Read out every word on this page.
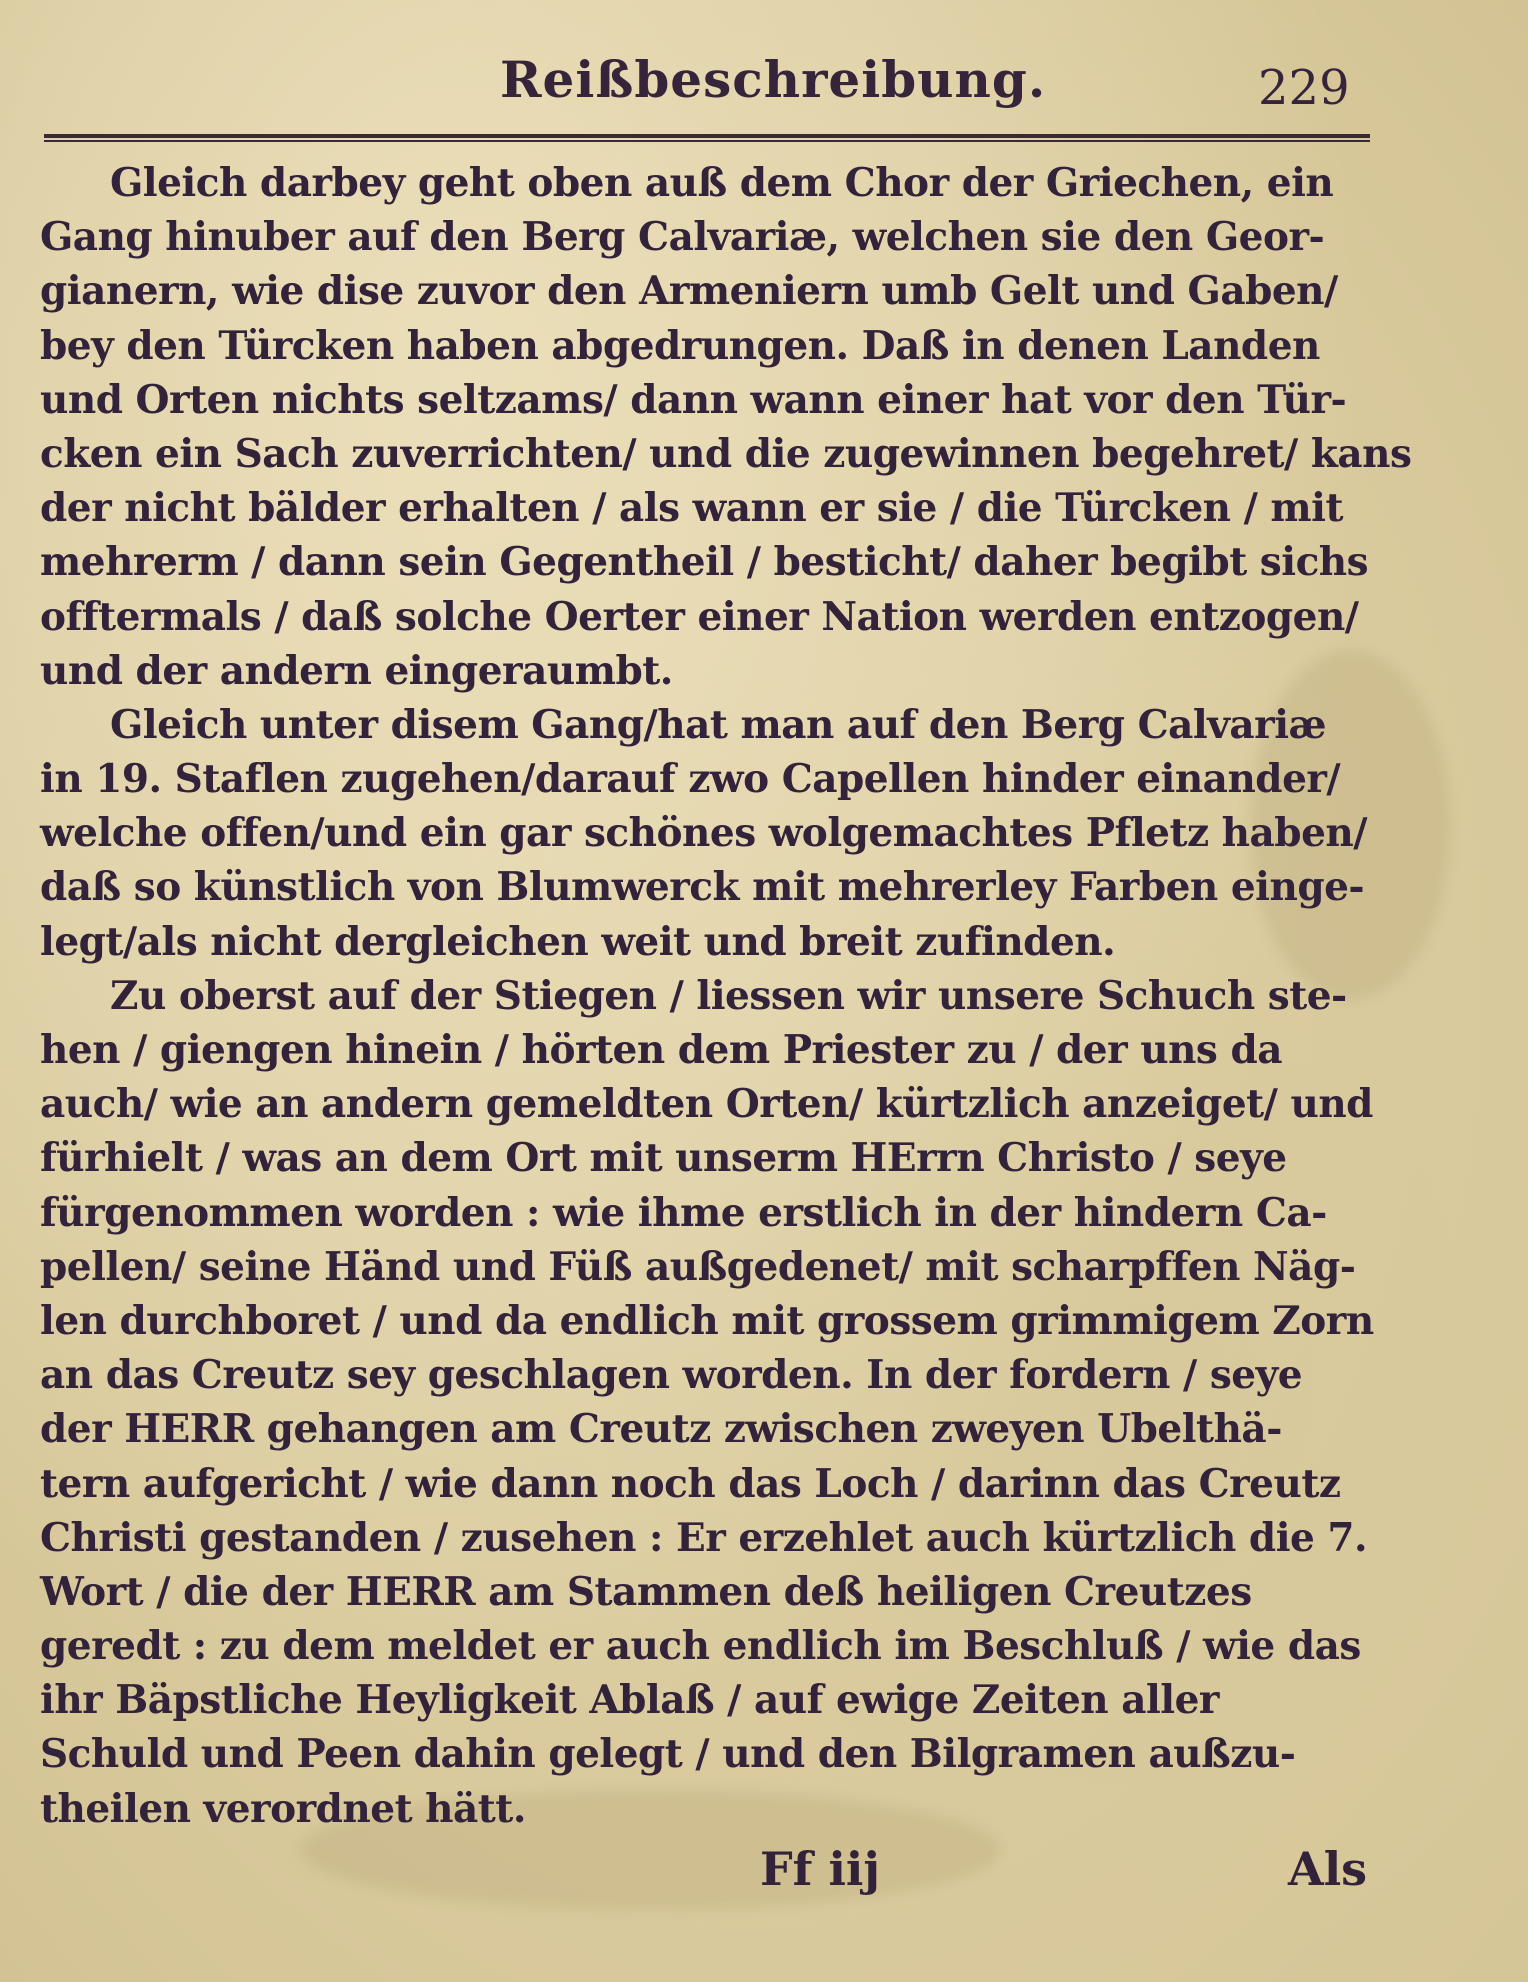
Reißbeschreibung.	229
Gleich darbey geht oben auß dem Chor der Griechen, ein
Gang hinuber auf den Berg Calvariæ, welchen sie den Geor-
gianern, wie dise zuvor den Armeniern umb Gelt und Gaben/
bey den Türcken haben abgedrungen. Daß in denen Landen
und Orten nichts seltzams/ dann wann einer hat vor den Tür-
cken ein Sach zuverrichten/ und die zugewinnen begehret/ kans
der nicht bälder erhalten / als wann er sie / die Türcken / mit
mehrerm / dann sein Gegentheil / besticht/ daher begibt sichs
offtermals / daß solche Oerter einer Nation werden entzogen/
und der andern eingeraumbt.
Gleich unter disem Gang/hat man auf den Berg Calvariæ
in 19. Staflen zugehen/darauf zwo Capellen hinder einander/
welche offen/und ein gar schönes wolgemachtes Pfletz haben/
daß so künstlich von Blumwerck mit mehrerley Farben einge-
legt/als nicht dergleichen weit und breit zufinden.
Zu oberst auf der Stiegen / liessen wir unsere Schuch ste-
hen / giengen hinein / hörten dem Priester zu / der uns da
auch/ wie an andern gemeldten Orten/ kürtzlich anzeiget/ und
fürhielt / was an dem Ort mit unserm HErrn Christo / seye
fürgenommen worden : wie ihme erstlich in der hindern Ca-
pellen/ seine Händ und Füß außgedenet/ mit scharpffen Näg-
len durchboret / und da endlich mit grossem grimmigem Zorn
an das Creutz sey geschlagen worden. In der fordern / seye
der HERR gehangen am Creutz zwischen zweyen Ubelthä-
tern aufgericht / wie dann noch das Loch / darinn das Creutz
Christi gestanden / zusehen : Er erzehlet auch kürtzlich die 7.
Wort / die der HERR am Stammen deß heiligen Creutzes
geredt : zu dem meldet er auch endlich im Beschluß / wie das
ihr Bäpstliche Heyligkeit Ablaß / auf ewige Zeiten aller
Schuld und Peen dahin gelegt / und den Bilgramen außzu-
theilen verordnet hätt.
Ff iij	Als
